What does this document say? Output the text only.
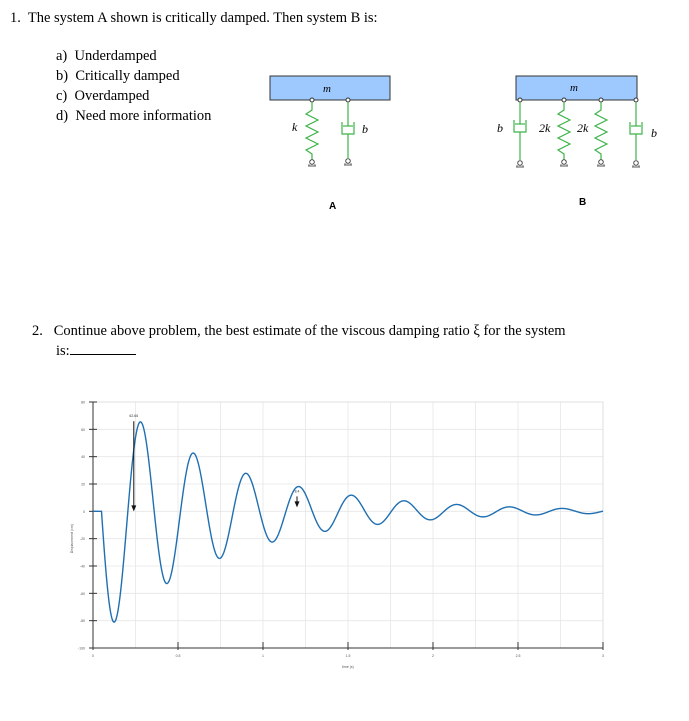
1. The system A shown is critically damped. Then system B is:
a)  Underdamped
b)  Critically damped
c)  Overdamped
d)  Need more information
m
k	b
A
m
b	2k 2k	b
B
2. Continue above problem, the best estimate of the viscous damping ratio ξ for the system
is:
80
60
40
20
0
-20
-40
-60
-80
-100
0	0.5	1	1.5	2	2.5	3
time (s)
Displacement (cm)
62.66
8.4
